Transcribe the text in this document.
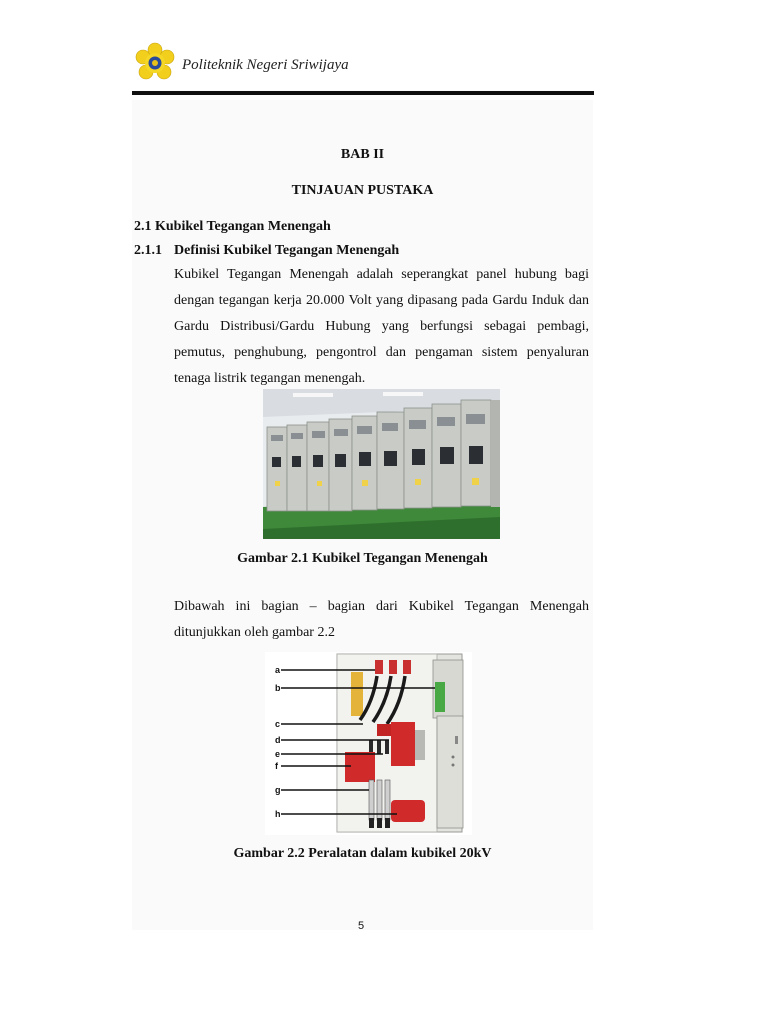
Politeknik Negeri Sriwijaya
BAB II
TINJAUAN PUSTAKA
2.1 Kubikel Tegangan Menengah
2.1.1 Definisi Kubikel Tegangan Menengah
Kubikel Tegangan Menengah adalah seperangkat panel hubung bagi
dengan tegangan kerja 20.000 Volt yang dipasang pada Gardu Induk dan
Gardu Distribusi/Gardu Hubung yang berfungsi sebagai pembagi,
pemutus, penghubung, pengontrol dan pengaman sistem penyaluran
tenaga listrik tegangan menengah.
Gambar 2.1 Kubikel Tegangan Menengah
Dibawah ini bagian – bagian dari Kubikel Tegangan Menengah
ditunjukkan oleh gambar 2.2
a
b
c
d
e
f
g
h
Gambar 2.2 Peralatan dalam kubikel 20kV
5
